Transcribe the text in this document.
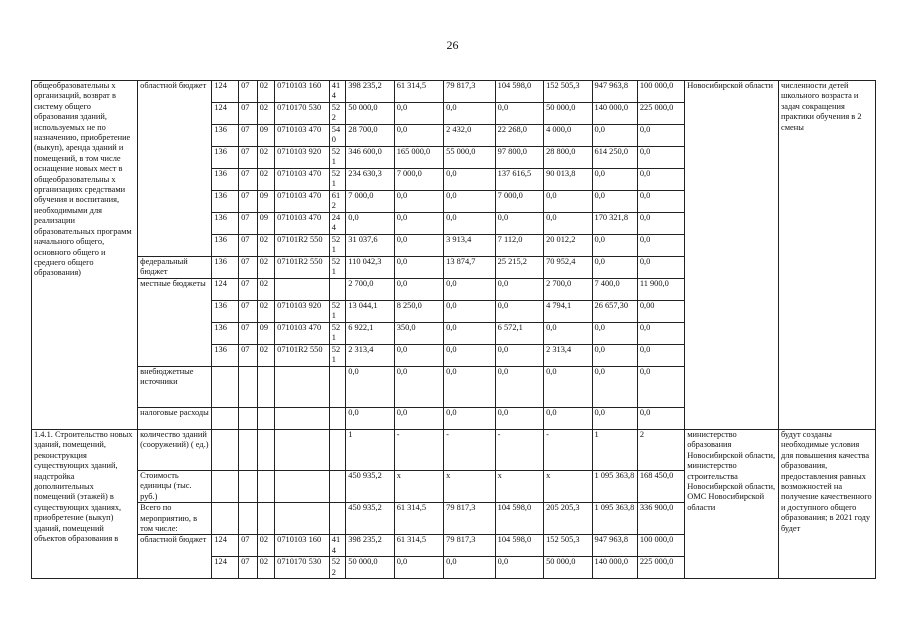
26
общеобразовательны х организаций, возврат в систему общего образования зданий, используемых не по назначению, приобретение (выкуп), аренда зданий и помещений, в том числе оснащение новых мест в общеобразовательны х организациях средствами обучения и воспитания, необходимыми для реализации образовательных программ начального общего, основного общего и среднего общего образования)	областной бюджет	124	07	02	0710103 160	41 4	398 235,2	61 314,5	79 817,3	104 598,0	152 505,3	947 963,8	100 000,0	Новосибирской области	численности детей школьного возраста и задач сокращения практики обучения в 2 смены
		124	07	02	0710170 530	52 2	50 000,0	0,0	0,0	0,0	50 000,0	140 000,0	225 000,0		
		136	07	09	0710103 470	54 0	28 700,0	0,0	2 432,0	22 268,0	4 000,0	0,0	0,0		
		136	07	02	0710103 920	52 1	346 600,0	165 000,0	55 000,0	97 800,0	28 800,0	614 250,0	0,0		
		136	07	02	0710103 470	52 1	234 630,3	7 000,0	0,0	137 616,5	90 013,8	0,0	0,0		
		136	07	09	0710103 470	61 2	7 000,0	0,0	0,0	7 000,0	0,0	0,0	0,0		
		136	07	09	0710103 470	24 4	0,0	0,0	0,0	0,0	0,0	170 321,8	0,0		
		136	07	02	07101R2 550	52 1	31 037,6	0,0	3 913,4	7 112,0	20 012,2	0,0	0,0		
	федеральный бюджет	136	07	02	07101R2 550	52 1	110 042,3	0,0	13 874,7	25 215,2	70 952,4	0,0	0,0		
	местные бюджеты	124	07	02			2 700,0	0,0	0,0	0,0	2 700,0	7 400,0	11 900,0		
		136	07	02	0710103 920	52 1	13 044,1	8 250,0	0,0	0,0	4 794,1	26 657,30	0,00		
		136	07	09	0710103 470	52 1	6 922,1	350,0	0,0	6 572,1	0,0	0,0	0,0		
		136	07	02	07101R2 550	52 1	2 313,4	0,0	0,0	0,0	2 313,4	0,0	0,0		
	внебюджетные источники						0,0	0,0	0,0	0,0	0,0	0,0	0,0		
	налоговые расходы						0,0	0,0	0,0	0,0	0,0	0,0	0,0		
1.4.1. Строительство новых зданий, помещений, реконструкция существующих зданий, надстройка дополнительных помещений (этажей) в существующих зданиях, приобретение (выкуп) зданий, помещений объектов образования в	количество зданий (сооружений) ( ед.)						1	-	-	-	-	1	2	министерство образования Новосибирской области, министерство строительства Новосибирской области, ОМС Новосибирской области	будут созданы необходимые условия для повышения качества образования, предоставления равных возможностей на получение качественного и доступного общего образования; в 2021 году будет
	Стоимость единицы (тыс. руб.)						450 935,2	x	x	x	x	1 095 363,8	168 450,0		
	Всего по мероприятию, в том числе:						450 935,2	61 314,5	79 817,3	104 598,0	205 205,3	1 095 363,8	336 900,0		
	областной бюджет	124	07	02	0710103 160	41 4	398 235,2	61 314,5	79 817,3	104 598,0	152 505,3	947 963,8	100 000,0		
		124	07	02	0710170 530	52 2	50 000,0	0,0	0,0	0,0	50 000,0	140 000,0	225 000,0		
